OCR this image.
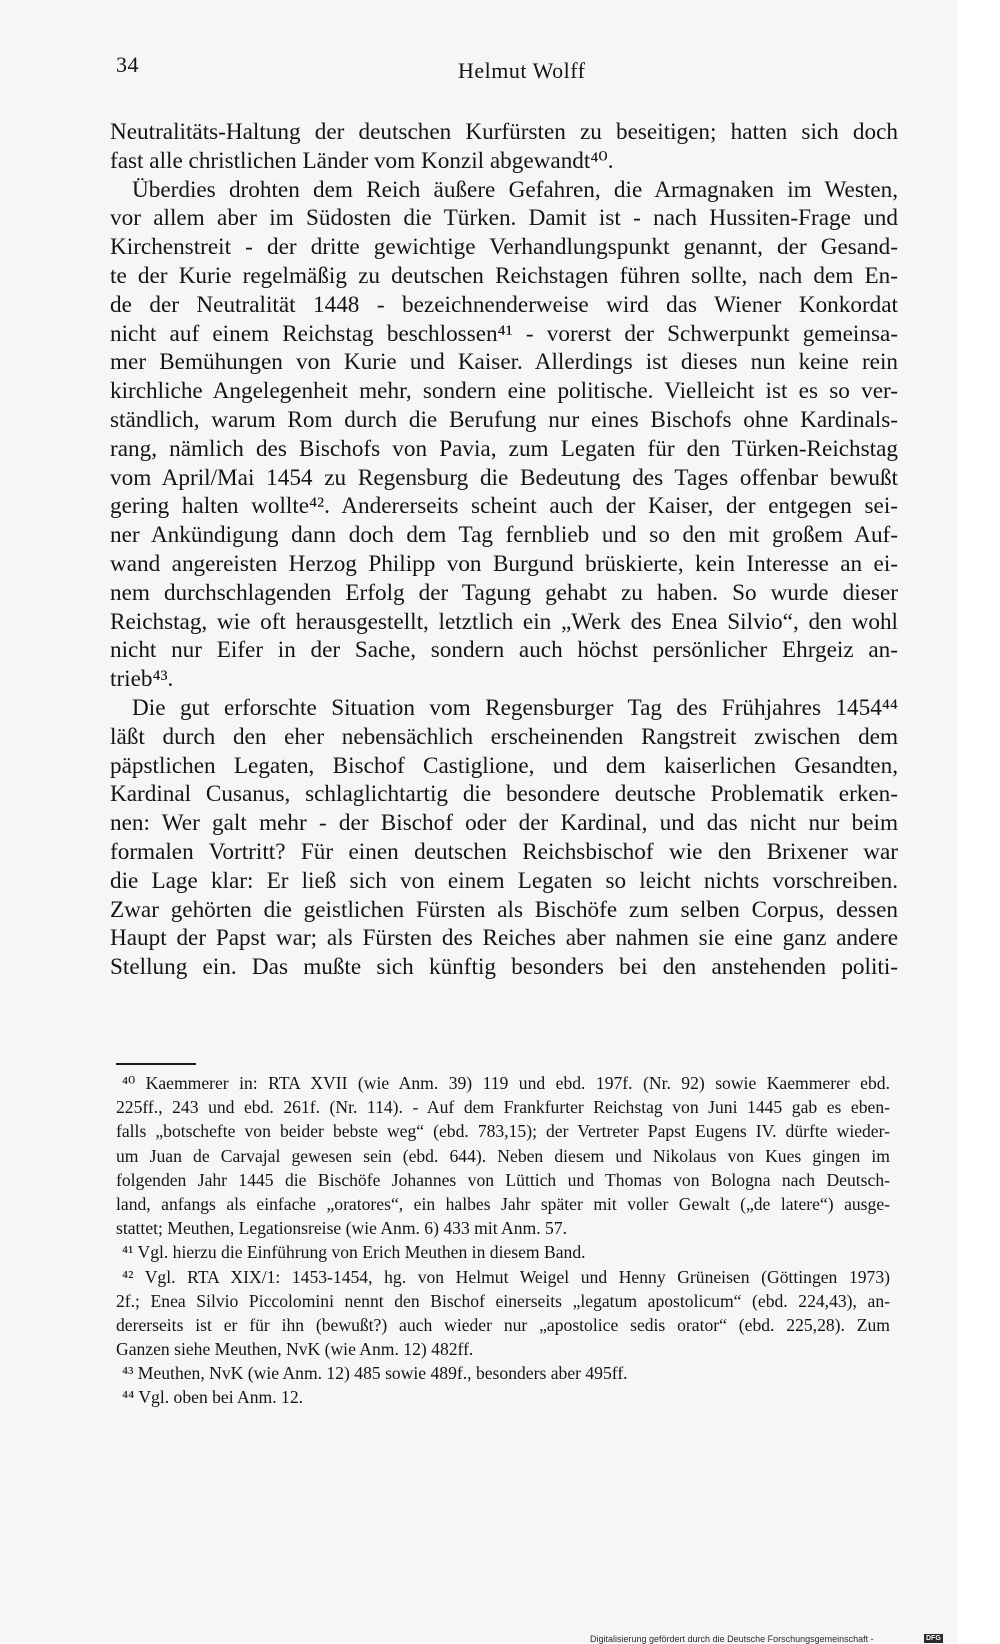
34	Helmut Wolff
Neutralitäts-Haltung der deutschen Kurfürsten zu beseitigen; hatten sich doch
fast alle christlichen Länder vom Konzil abgewandt⁴⁰.
Überdies drohten dem Reich äußere Gefahren, die Armagnaken im Westen,
vor allem aber im Südosten die Türken. Damit ist - nach Hussiten-Frage und
Kirchenstreit - der dritte gewichtige Verhandlungspunkt genannt, der Gesand-
te der Kurie regelmäßig zu deutschen Reichstagen führen sollte, nach dem En-
de der Neutralität 1448 - bezeichnenderweise wird das Wiener Konkordat
nicht auf einem Reichstag beschlossen⁴¹ - vorerst der Schwerpunkt gemeinsa-
mer Bemühungen von Kurie und Kaiser. Allerdings ist dieses nun keine rein
kirchliche Angelegenheit mehr, sondern eine politische. Vielleicht ist es so ver-
ständlich, warum Rom durch die Berufung nur eines Bischofs ohne Kardinals-
rang, nämlich des Bischofs von Pavia, zum Legaten für den Türken-Reichstag
vom April/Mai 1454 zu Regensburg die Bedeutung des Tages offenbar bewußt
gering halten wollte⁴². Andererseits scheint auch der Kaiser, der entgegen sei-
ner Ankündigung dann doch dem Tag fernblieb und so den mit großem Auf-
wand angereisten Herzog Philipp von Burgund brüskierte, kein Interesse an ei-
nem durchschlagenden Erfolg der Tagung gehabt zu haben. So wurde dieser
Reichstag, wie oft herausgestellt, letztlich ein „Werk des Enea Silvio“, den wohl
nicht nur Eifer in der Sache, sondern auch höchst persönlicher Ehrgeiz an-
trieb⁴³.
Die gut erforschte Situation vom Regensburger Tag des Frühjahres 1454⁴⁴
läßt durch den eher nebensächlich erscheinenden Rangstreit zwischen dem
päpstlichen Legaten, Bischof Castiglione, und dem kaiserlichen Gesandten,
Kardinal Cusanus, schlaglichtartig die besondere deutsche Problematik erken-
nen: Wer galt mehr - der Bischof oder der Kardinal, und das nicht nur beim
formalen Vortritt? Für einen deutschen Reichsbischof wie den Brixener war
die Lage klar: Er ließ sich von einem Legaten so leicht nichts vorschreiben.
Zwar gehörten die geistlichen Fürsten als Bischöfe zum selben Corpus, dessen
Haupt der Papst war; als Fürsten des Reiches aber nahmen sie eine ganz andere
Stellung ein. Das mußte sich künftig besonders bei den anstehenden politi-
⁴⁰ Kaemmerer in: RTA XVII (wie Anm. 39) 119 und ebd. 197f. (Nr. 92) sowie Kaemmerer ebd.
225ff., 243 und ebd. 261f. (Nr. 114). - Auf dem Frankfurter Reichstag von Juni 1445 gab es eben-
falls „botschefte von beider bebste weg“ (ebd. 783,15); der Vertreter Papst Eugens IV. dürfte wieder-
um Juan de Carvajal gewesen sein (ebd. 644). Neben diesem und Nikolaus von Kues gingen im
folgenden Jahr 1445 die Bischöfe Johannes von Lüttich und Thomas von Bologna nach Deutsch-
land, anfangs als einfache „oratores“, ein halbes Jahr später mit voller Gewalt („de latere“) ausge-
stattet; Meuthen, Legationsreise (wie Anm. 6) 433 mit Anm. 57.
⁴¹ Vgl. hierzu die Einführung von Erich Meuthen in diesem Band.
⁴² Vgl. RTA XIX/1: 1453-1454, hg. von Helmut Weigel und Henny Grüneisen (Göttingen 1973)
2f.; Enea Silvio Piccolomini nennt den Bischof einerseits „legatum apostolicum“ (ebd. 224,43), an-
dererseits ist er für ihn (bewußt?) auch wieder nur „apostolice sedis orator“ (ebd. 225,28). Zum
Ganzen siehe Meuthen, NvK (wie Anm. 12) 482ff.
⁴³ Meuthen, NvK (wie Anm. 12) 485 sowie 489f., besonders aber 495ff.
⁴⁴ Vgl. oben bei Anm. 12.
Digitalisierung gefördert durch die Deutsche Forschungsgemeinschaft -	DFG
